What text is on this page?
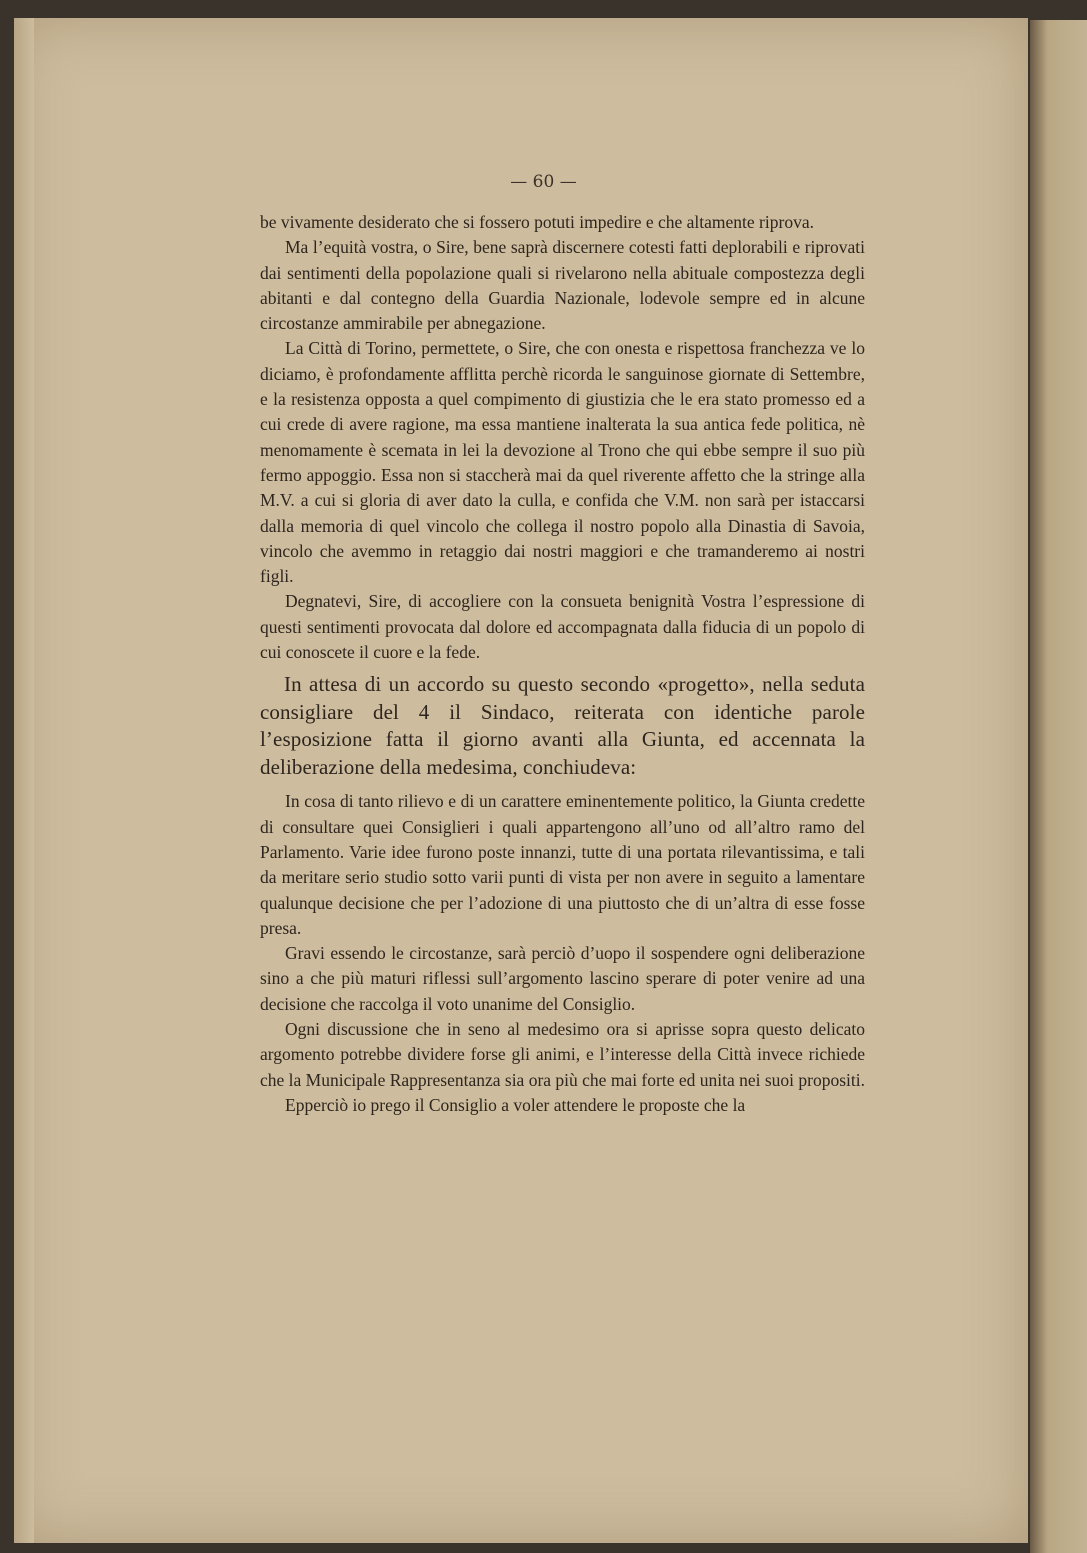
— 60 —

be vivamente desiderato che si fossero potuti impedire e che altamente riprova.

Ma l’equità vostra, o Sire, bene saprà discernere cotesti fatti deplorabili e riprovati dai sentimenti della popolazione quali si rivelarono nella abituale compostezza degli abitanti e dal contegno della Guardia Nazionale, lodevole sempre ed in alcune circostanze ammirabile per abnegazione.

La Città di Torino, permettete, o Sire, che con onesta e rispettosa franchezza ve lo diciamo, è profondamente afflitta perchè ricorda le sanguinose giornate di Settembre, e la resistenza opposta a quel compimento di giustizia che le era stato promesso ed a cui crede di avere ragione, ma essa mantiene inalterata la sua antica fede politica, nè menomamente è scemata in lei la devozione al Trono che qui ebbe sempre il suo più fermo appoggio. Essa non si staccherà mai da quel riverente affetto che la stringe alla M.V. a cui si gloria di aver dato la culla, e confida che V.M. non sarà per istaccarsi dalla memoria di quel vincolo che collega il nostro popolo alla Dinastia di Savoia, vincolo che avemmo in retaggio dai nostri maggiori e che tramanderemo ai nostri figli.

Degnatevi, Sire, di accogliere con la consueta benignità Vostra l’espressione di questi sentimenti provocata dal dolore ed accompagnata dalla fiducia di un popolo di cui conoscete il cuore e la fede.

In attesa di un accordo su questo secondo «progetto», nella seduta consigliare del 4 il Sindaco, reiterata con identiche parole l’esposizione fatta il giorno avanti alla Giunta, ed accennata la deliberazione della medesima, conchiudeva:

In cosa di tanto rilievo e di un carattere eminentemente politico, la Giunta credette di consultare quei Consiglieri i quali appartengono all’uno od all’altro ramo del Parlamento. Varie idee furono poste innanzi, tutte di una portata rilevantissima, e tali da meritare serio studio sotto varii punti di vista per non avere in seguito a lamentare qualunque decisione che per l’adozione di una piuttosto che di un’altra di esse fosse presa.

Gravi essendo le circostanze, sarà perciò d’uopo il sospendere ogni deliberazione sino a che più maturi riflessi sull’argomento lascino sperare di poter venire ad una decisione che raccolga il voto unanime del Consiglio.

Ogni discussione che in seno al medesimo ora si aprisse sopra questo delicato argomento potrebbe dividere forse gli animi, e l’interesse della Città invece richiede che la Municipale Rappresentanza sia ora più che mai forte ed unita nei suoi propositi.

Epperciò io prego il Consiglio a voler attendere le proposte che la
